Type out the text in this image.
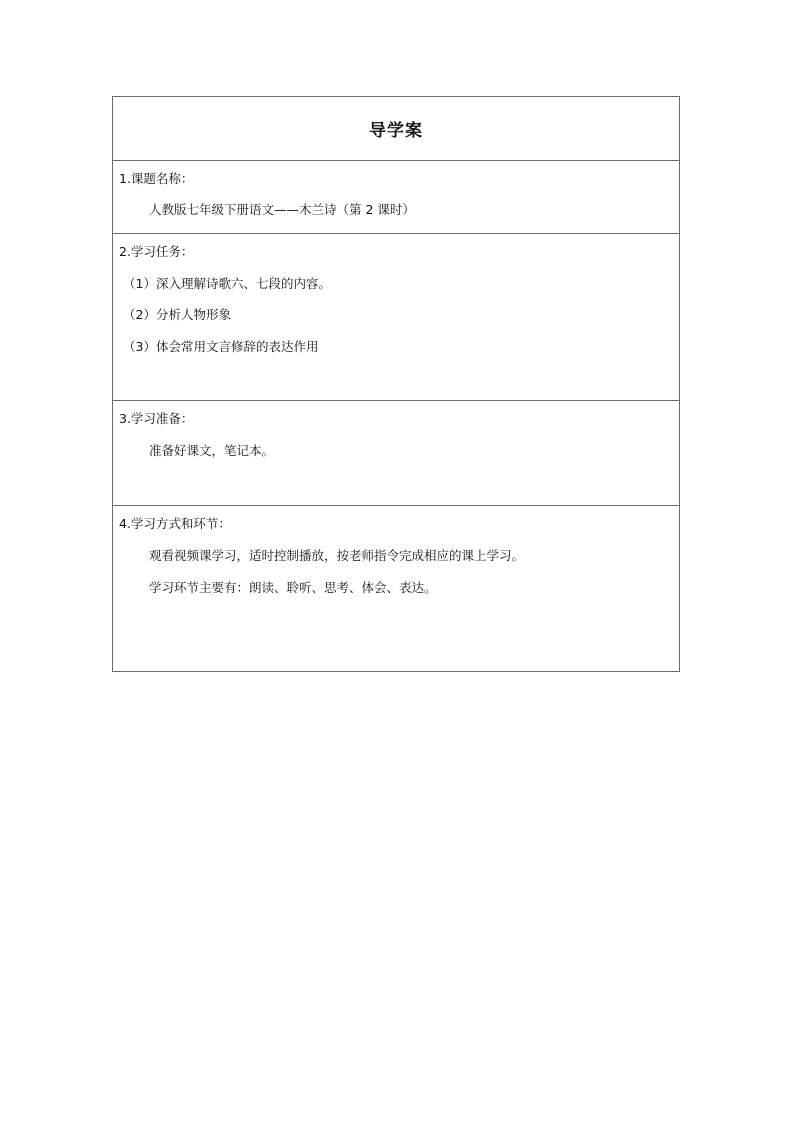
导学案
1.课题名称：
人教版七年级下册语文——木兰诗（第 2 课时）
2.学习任务：
（1）深入理解诗歌六、七段的内容。
（2）分析人物形象
（3）体会常用文言修辞的表达作用
3.学习准备：
准备好课文，笔记本。
4.学习方式和环节：
观看视频课学习，适时控制播放，按老师指令完成相应的课上学习。
学习环节主要有：朗读、聆听、思考、体会、表达。
